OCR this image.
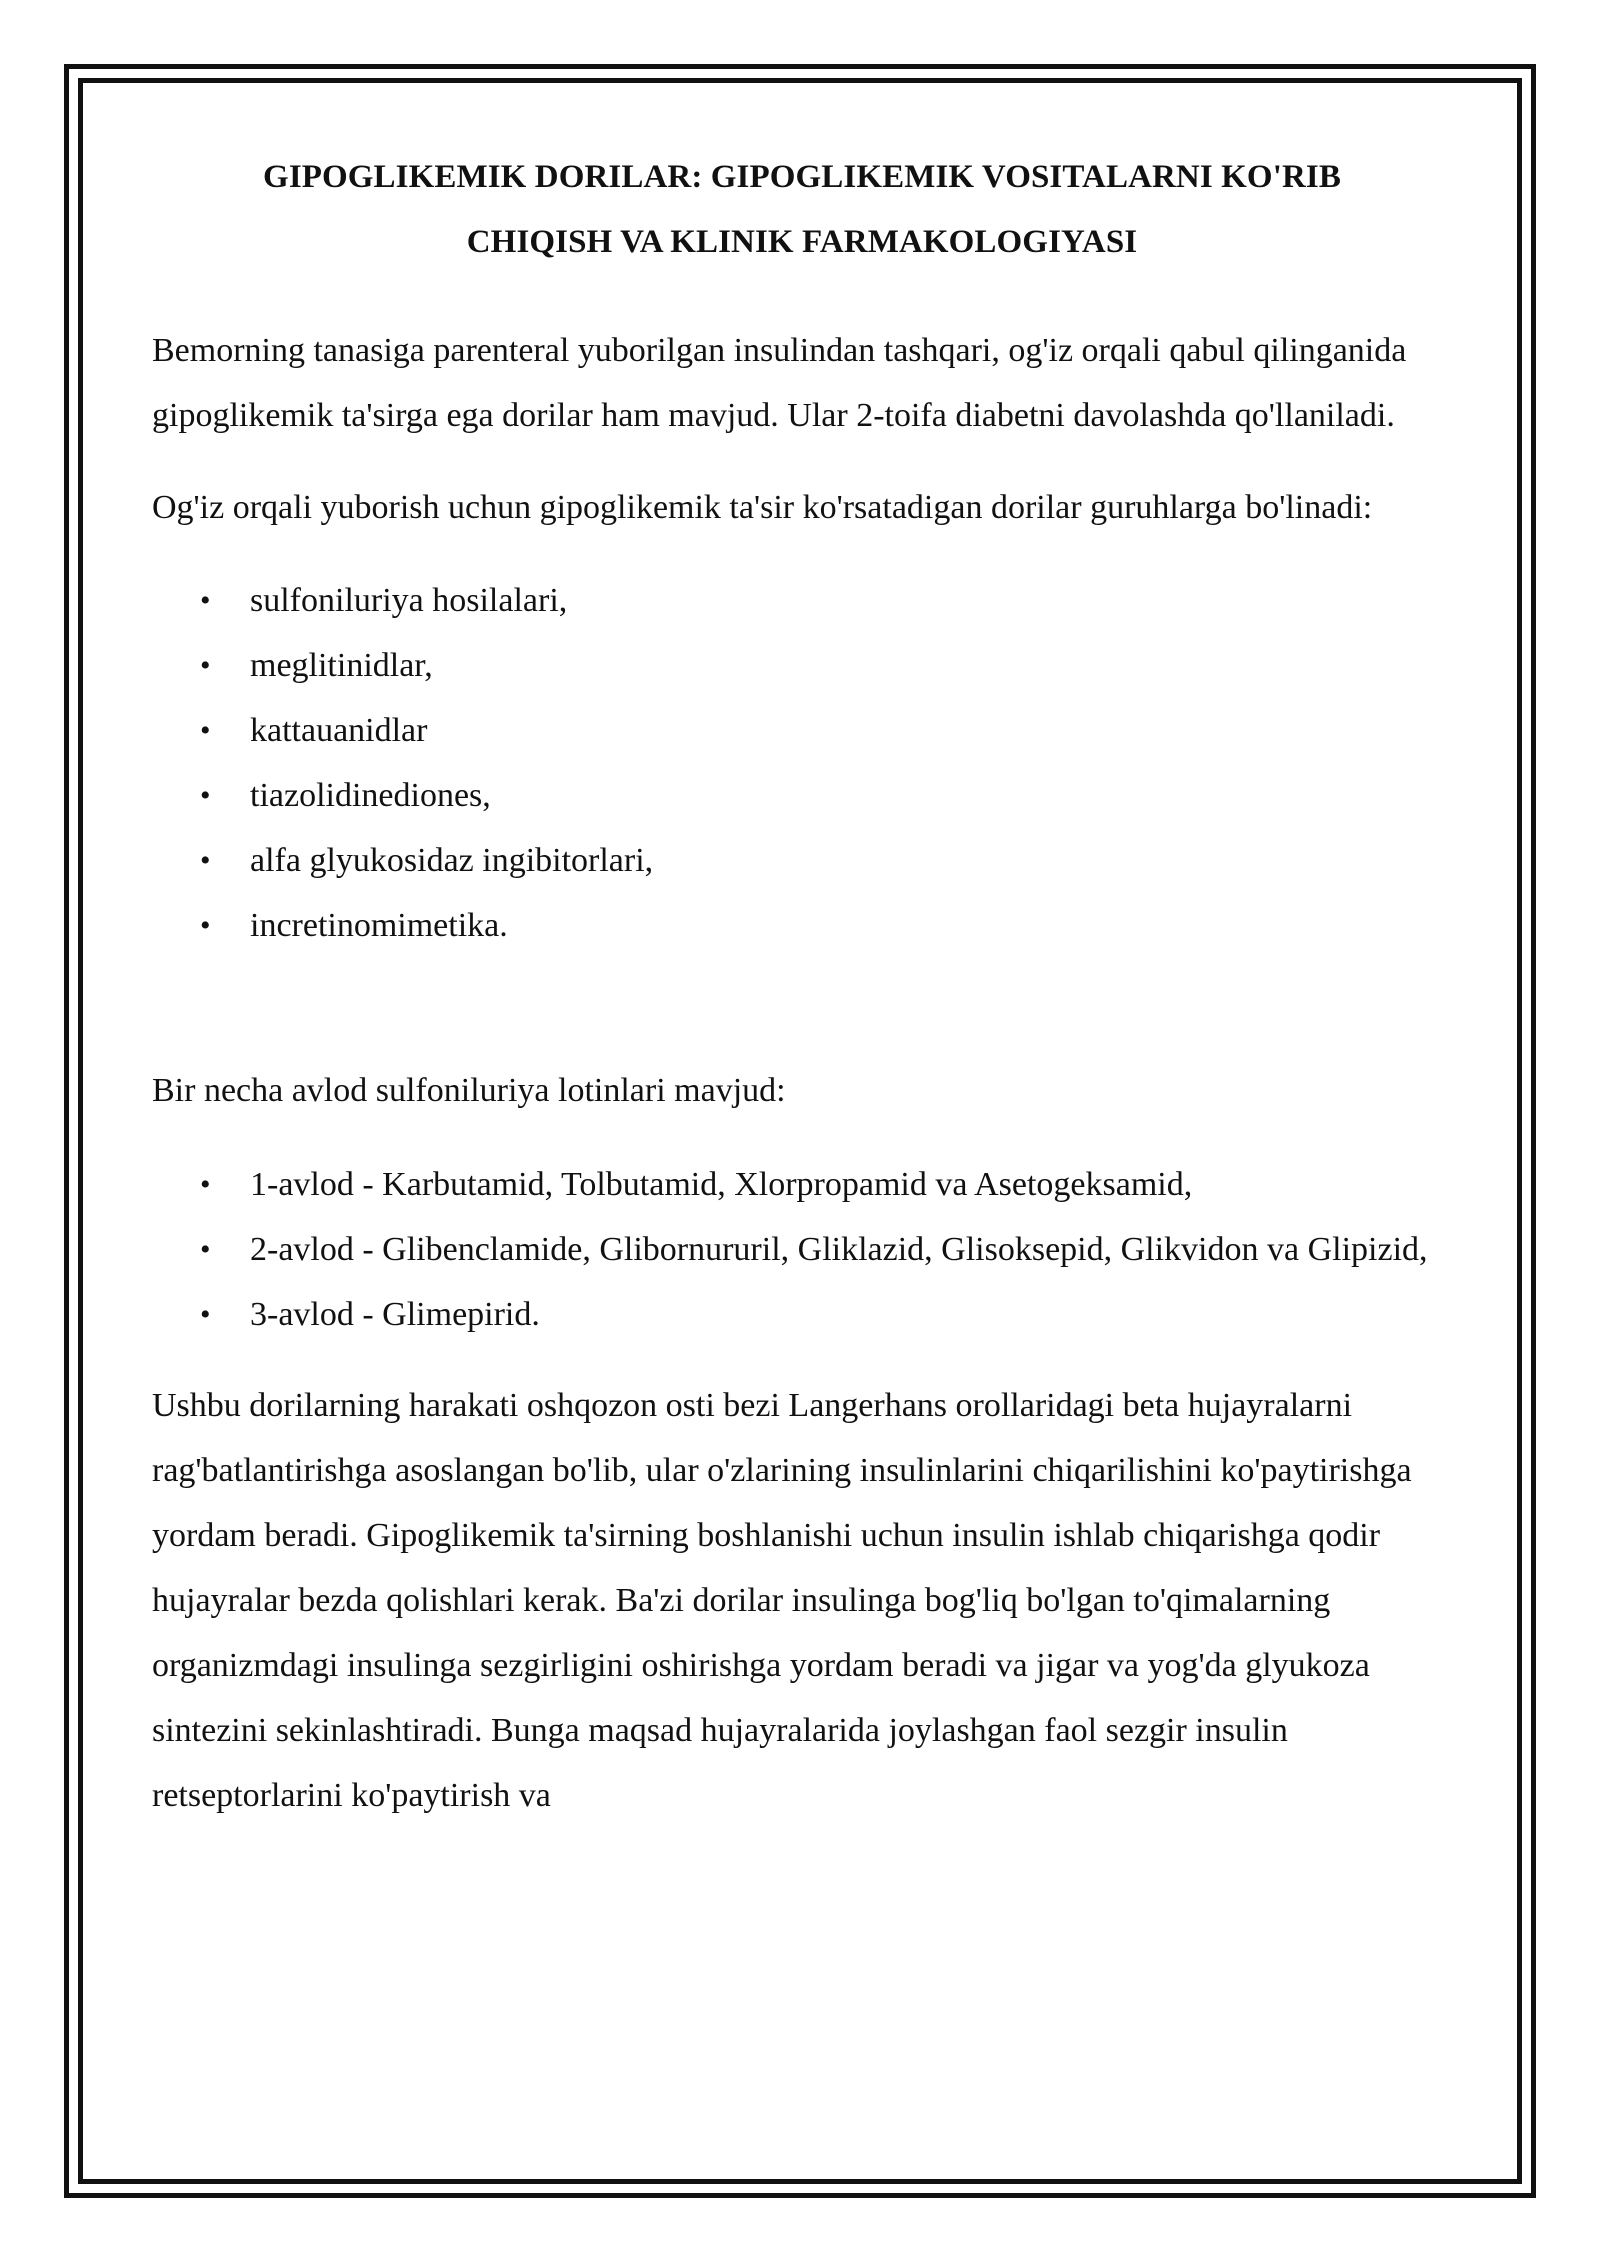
GIPOGLIKEMIK DORILAR: GIPOGLIKEMIK VOSITALARNI KO'RIB
CHIQISH VA KLINIK FARMAKOLOGIYASI

Bemorning tanasiga parenteral yuborilgan insulindan tashqari, og'iz orqali qabul qilinganida gipoglikemik ta'sirga ega dorilar ham mavjud. Ular 2-toifa diabetni davolashda qo'llaniladi.

Og'iz orqali yuborish uchun gipoglikemik ta'sir ko'rsatadigan dorilar guruhlarga bo'linadi:

• sulfoniluriya hosilalari,
• meglitinidlar,
• kattauanidlar
• tiazolidinediones,
• alfa glyukosidaz ingibitorlari,
• incretinomimetika.

Bir necha avlod sulfoniluriya lotinlari mavjud:

• 1-avlod - Karbutamid, Tolbutamid, Xlorpropamid va Asetogeksamid,
• 2-avlod - Glibenclamide, Glibornururil, Gliklazid, Glisoksepid, Glikvidon va Glipizid,
• 3-avlod - Glimepirid.

Ushbu dorilarning harakati oshqozon osti bezi Langerhans orollaridagi beta hujayralarni rag'batlantirishga asoslangan bo'lib, ular o'zlarining insulinlarini chiqarilishini ko'paytirishga yordam beradi. Gipoglikemik ta'sirning boshlanishi uchun insulin ishlab chiqarishga qodir hujayralar bezda qolishlari kerak. Ba'zi dorilar insulinga bog'liq bo'lgan to'qimalarning organizmdagi insulinga sezgirligini oshirishga yordam beradi va jigar va yog'da glyukoza sintezini sekinlashtiradi. Bunga maqsad hujayralarida joylashgan faol sezgir insulin retseptorlarini ko'paytirish va
